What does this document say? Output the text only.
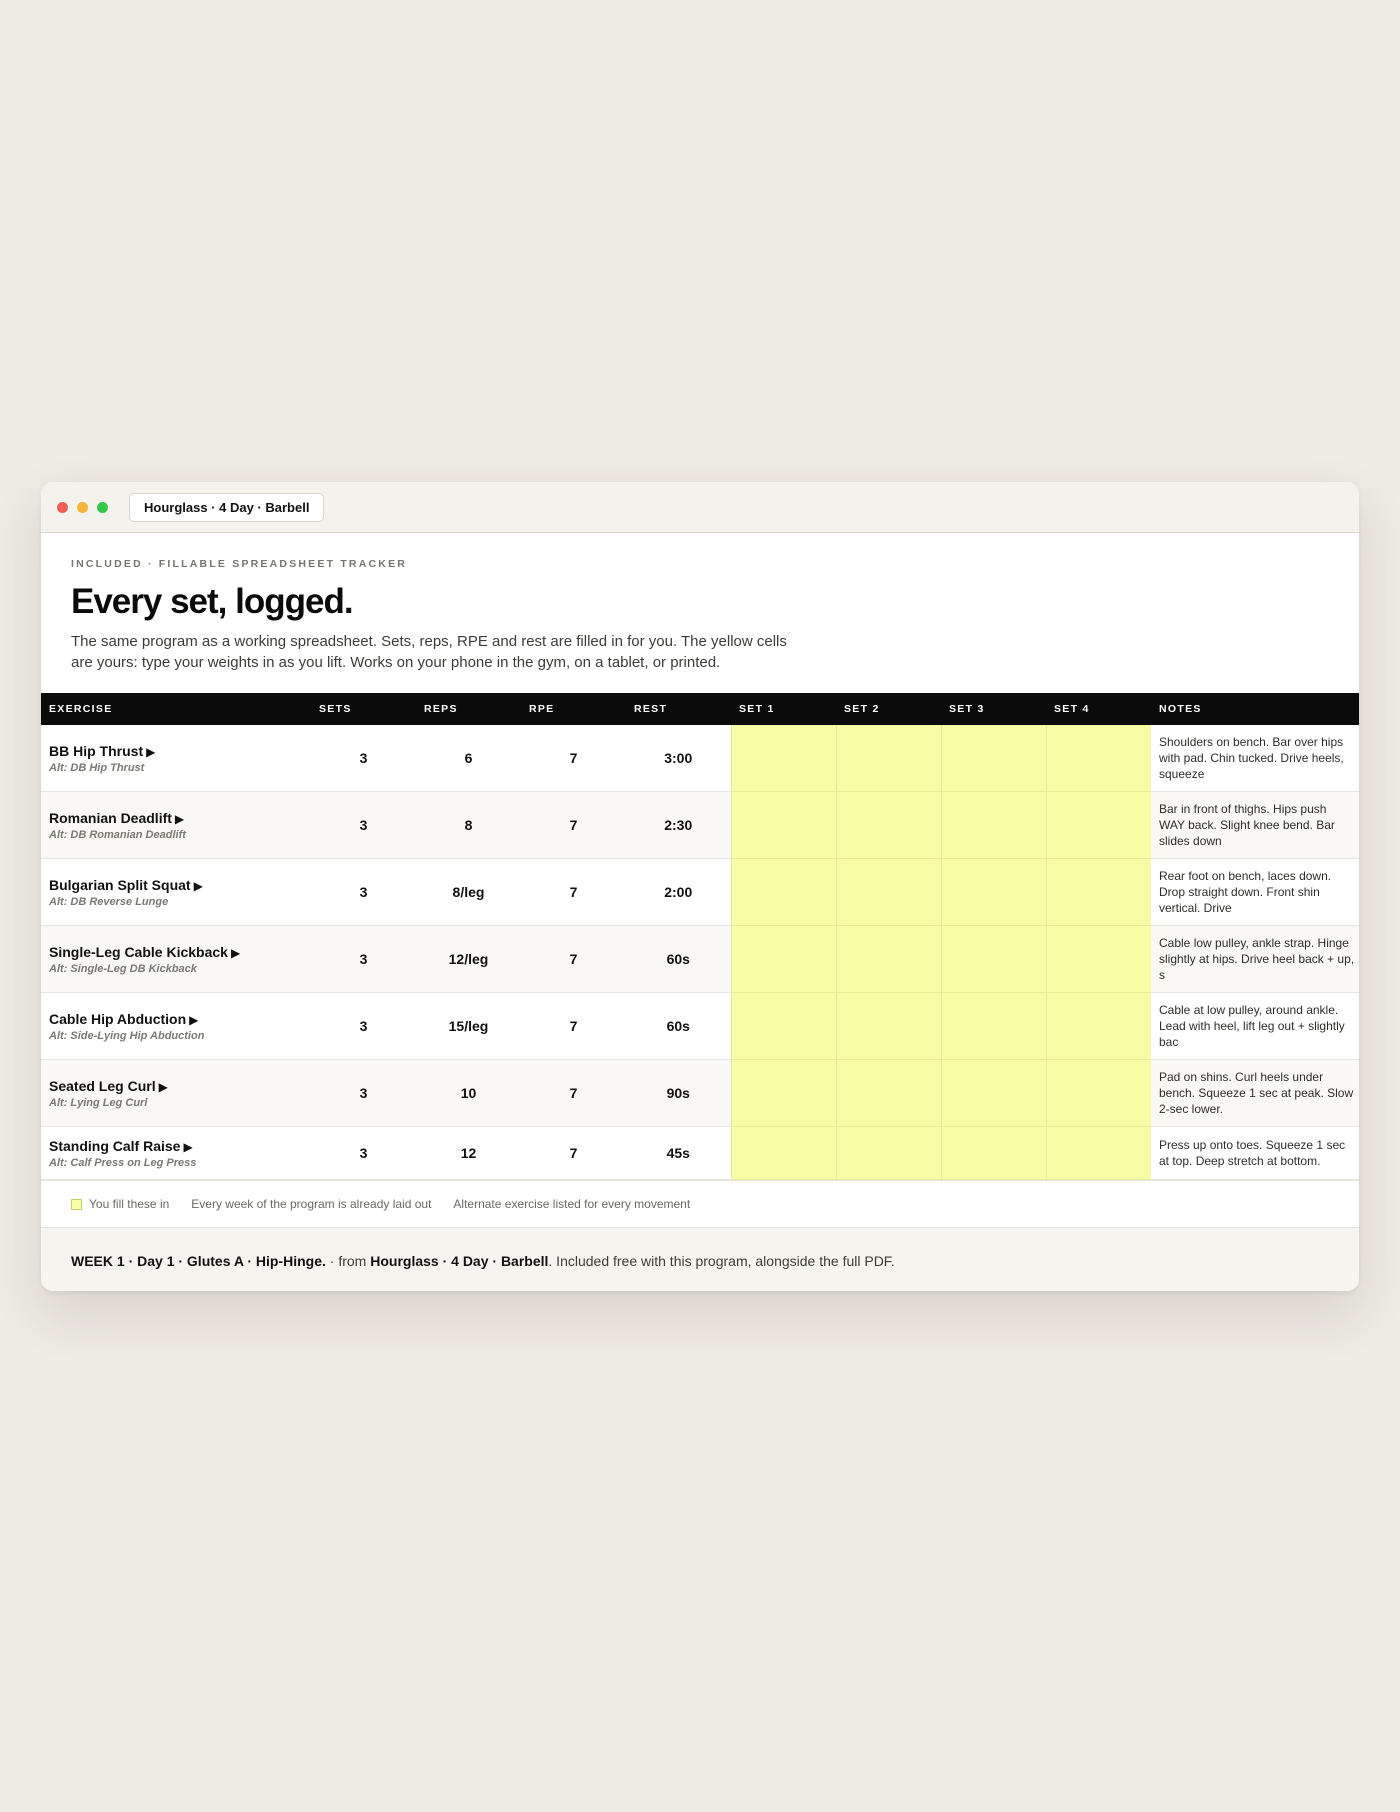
Hourglass · 4 Day · Barbell
INCLUDED · FILLABLE SPREADSHEET TRACKER
Every set, logged.

The same program as a working spreadsheet. Sets, reps, RPE and rest are filled in for you. The yellow cells are yours: type your weights in as you lift. Works on your phone in the gym, on a tablet, or printed.

EXERCISE	SETS	REPS	RPE	REST	SET 1	SET 2	SET 3	SET 4	NOTES

BB Hip Thrust ▶
Alt: DB Hip Thrust	3	6	7	3:00					Shoulders on bench. Bar over hips with pad. Chin tucked. Drive heels, squeeze

Romanian Deadlift ▶
Alt: DB Romanian Deadlift	3	8	7	2:30					Bar in front of thighs. Hips push WAY back. Slight knee bend. Bar slides down

Bulgarian Split Squat ▶
Alt: DB Reverse Lunge	3	8/leg	7	2:00					Rear foot on bench, laces down. Drop straight down. Front shin vertical. Drive

Single-Leg Cable Kickback ▶
Alt: Single-Leg DB Kickback	3	12/leg	7	60s					Cable low pulley, ankle strap. Hinge slightly at hips. Drive heel back + up, s

Cable Hip Abduction ▶
Alt: Side-Lying Hip Abduction	3	15/leg	7	60s					Cable at low pulley, around ankle. Lead with heel, lift leg out + slightly bac

Seated Leg Curl ▶
Alt: Lying Leg Curl	3	10	7	90s					Pad on shins. Curl heels under bench. Squeeze 1 sec at peak. Slow 2-sec lower.

Standing Calf Raise ▶
Alt: Calf Press on Leg Press	3	12	7	45s					Press up onto toes. Squeeze 1 sec at top. Deep stretch at bottom.
You fill these in Every week of the program is already laid out Alternate exercise listed for every movement
WEEK 1 · Day 1 · Glutes A · Hip-Hinge. · from Hourglass · 4 Day · Barbell . Included free with this program, alongside the full PDF.
